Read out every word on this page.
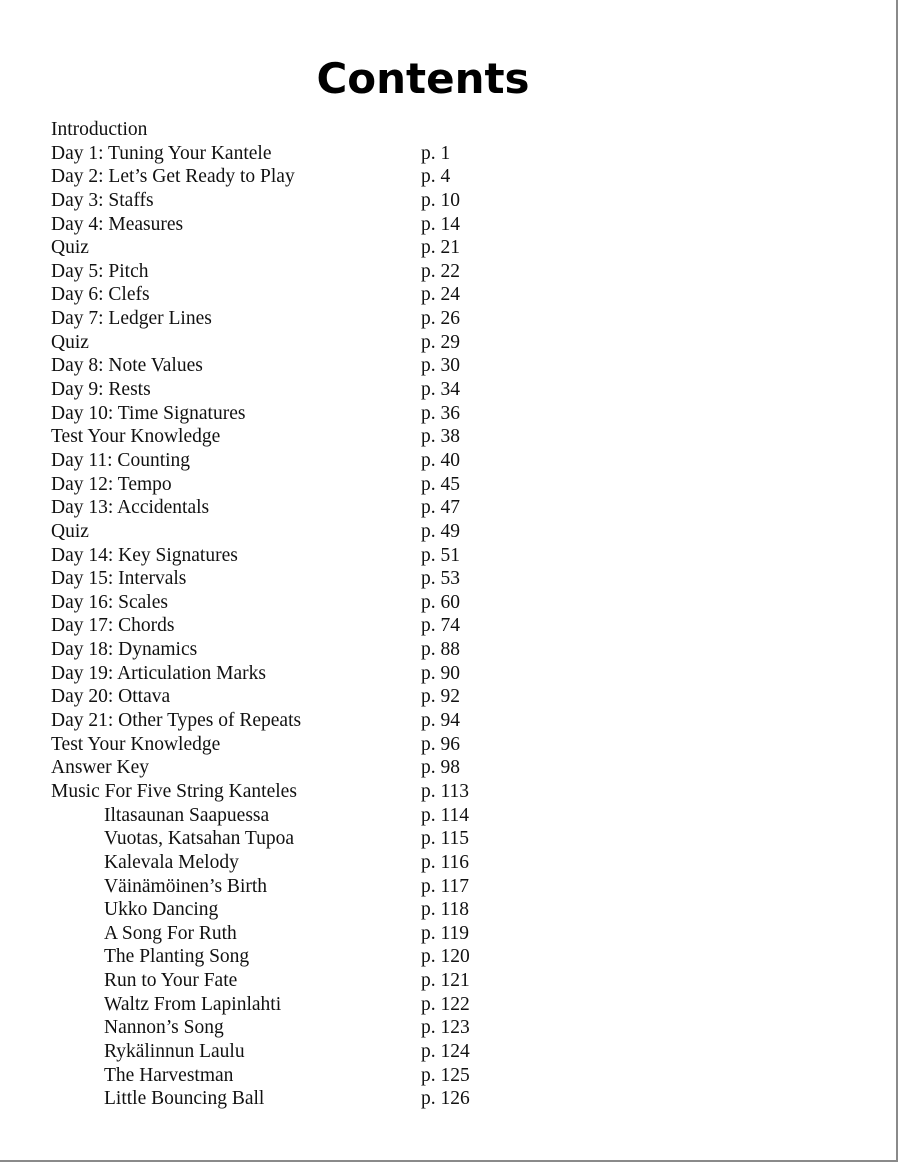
Contents
Introduction
Day 1: Tuning Your Kantele	p. 1
Day 2: Let’s Get Ready to Play	p. 4
Day 3: Staffs	p. 10
Day 4: Measures	p. 14
Quiz	p. 21
Day 5: Pitch	p. 22
Day 6: Clefs	p. 24
Day 7: Ledger Lines	p. 26
Quiz	p. 29
Day 8: Note Values	p. 30
Day 9: Rests	p. 34
Day 10: Time Signatures	p. 36
Test Your Knowledge	p. 38
Day 11: Counting	p. 40
Day 12: Tempo	p. 45
Day 13: Accidentals	p. 47
Quiz	p. 49
Day 14: Key Signatures	p. 51
Day 15: Intervals	p. 53
Day 16: Scales	p. 60
Day 17: Chords	p. 74
Day 18: Dynamics	p. 88
Day 19: Articulation Marks	p. 90
Day 20: Ottava	p. 92
Day 21: Other Types of Repeats	p. 94
Test Your Knowledge	p. 96
Answer Key	p. 98
Music For Five String Kanteles	p. 113
Iltasaunan Saapuessa	p. 114
Vuotas, Katsahan Tupoa	p. 115
Kalevala Melody	p. 116
Väinämöinen’s Birth	p. 117
Ukko Dancing	p. 118
A Song For Ruth	p. 119
The Planting Song	p. 120
Run to Your Fate	p. 121
Waltz From Lapinlahti	p. 122
Nannon’s Song	p. 123
Rykälinnun Laulu	p. 124
The Harvestman	p. 125
Little Bouncing Ball	p. 126
